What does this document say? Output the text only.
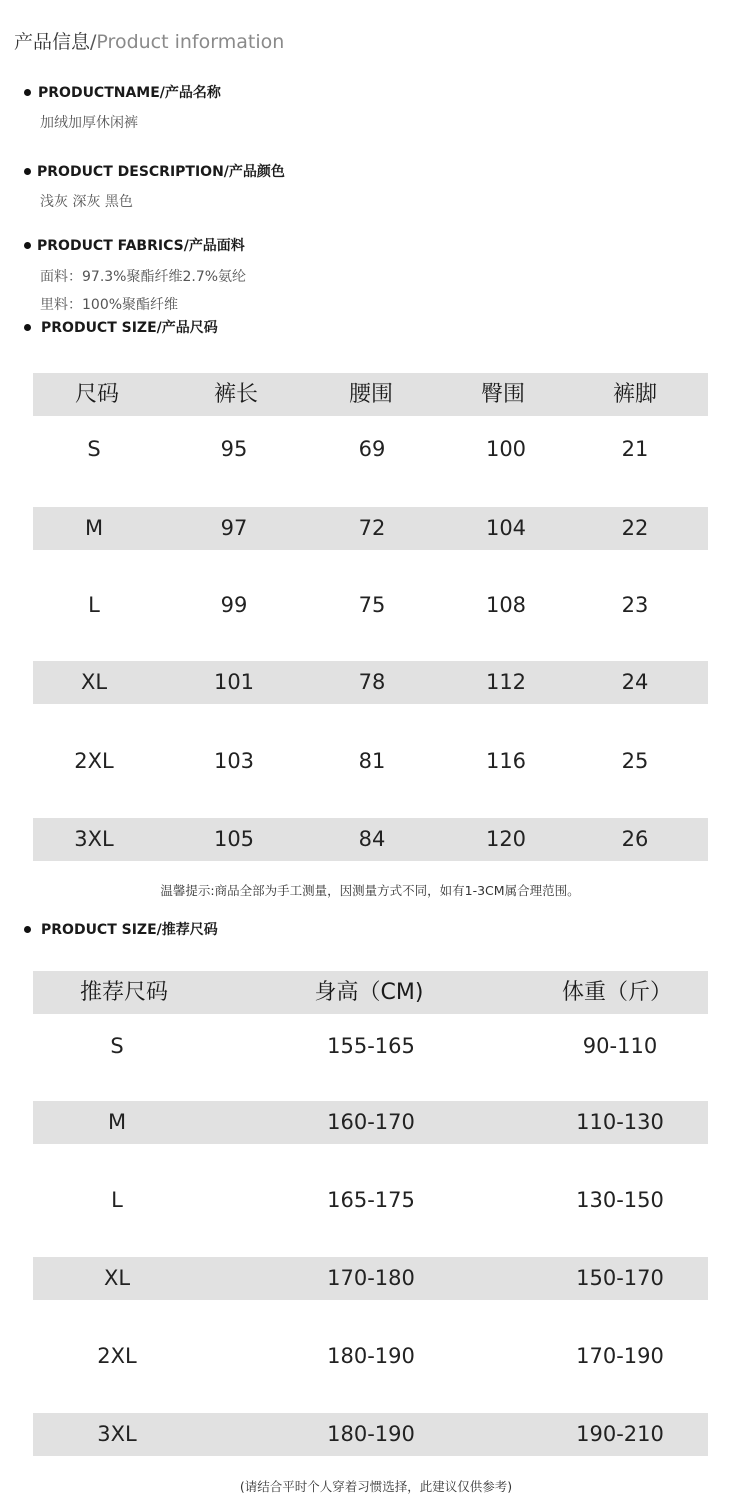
产品信息/Product information
PRODUCTNAME/产品名称
加绒加厚休闲裤
PRODUCT DESCRIPTION/产品颜色
浅灰 深灰 黑色
PRODUCT FABRICS/产品面料
面料：97.3%聚酯纤维2.7%氨纶
里料：100%聚酯纤维
PRODUCT SIZE/产品尺码
尺码	裤长	腰围	臀围	裤脚
S	95	69	100	21
M	97	72	104	22
L	99	75	108	23
XL	101	78	112	24
2XL	103	81	116	25
3XL	105	84	120	26
温馨提示:商品全部为手工测量，因测量方式不同，如有1-3CM属合理范围。
PRODUCT SIZE/推荐尺码
推荐尺码	身高（CM)	体重（斤）
S	155-165	90-110
M	160-170	110-130
L	165-175	130-150
XL	170-180	150-170
2XL	180-190	170-190
3XL	180-190	190-210
(请结合平时个人穿着习惯选择，此建议仅供参考)
